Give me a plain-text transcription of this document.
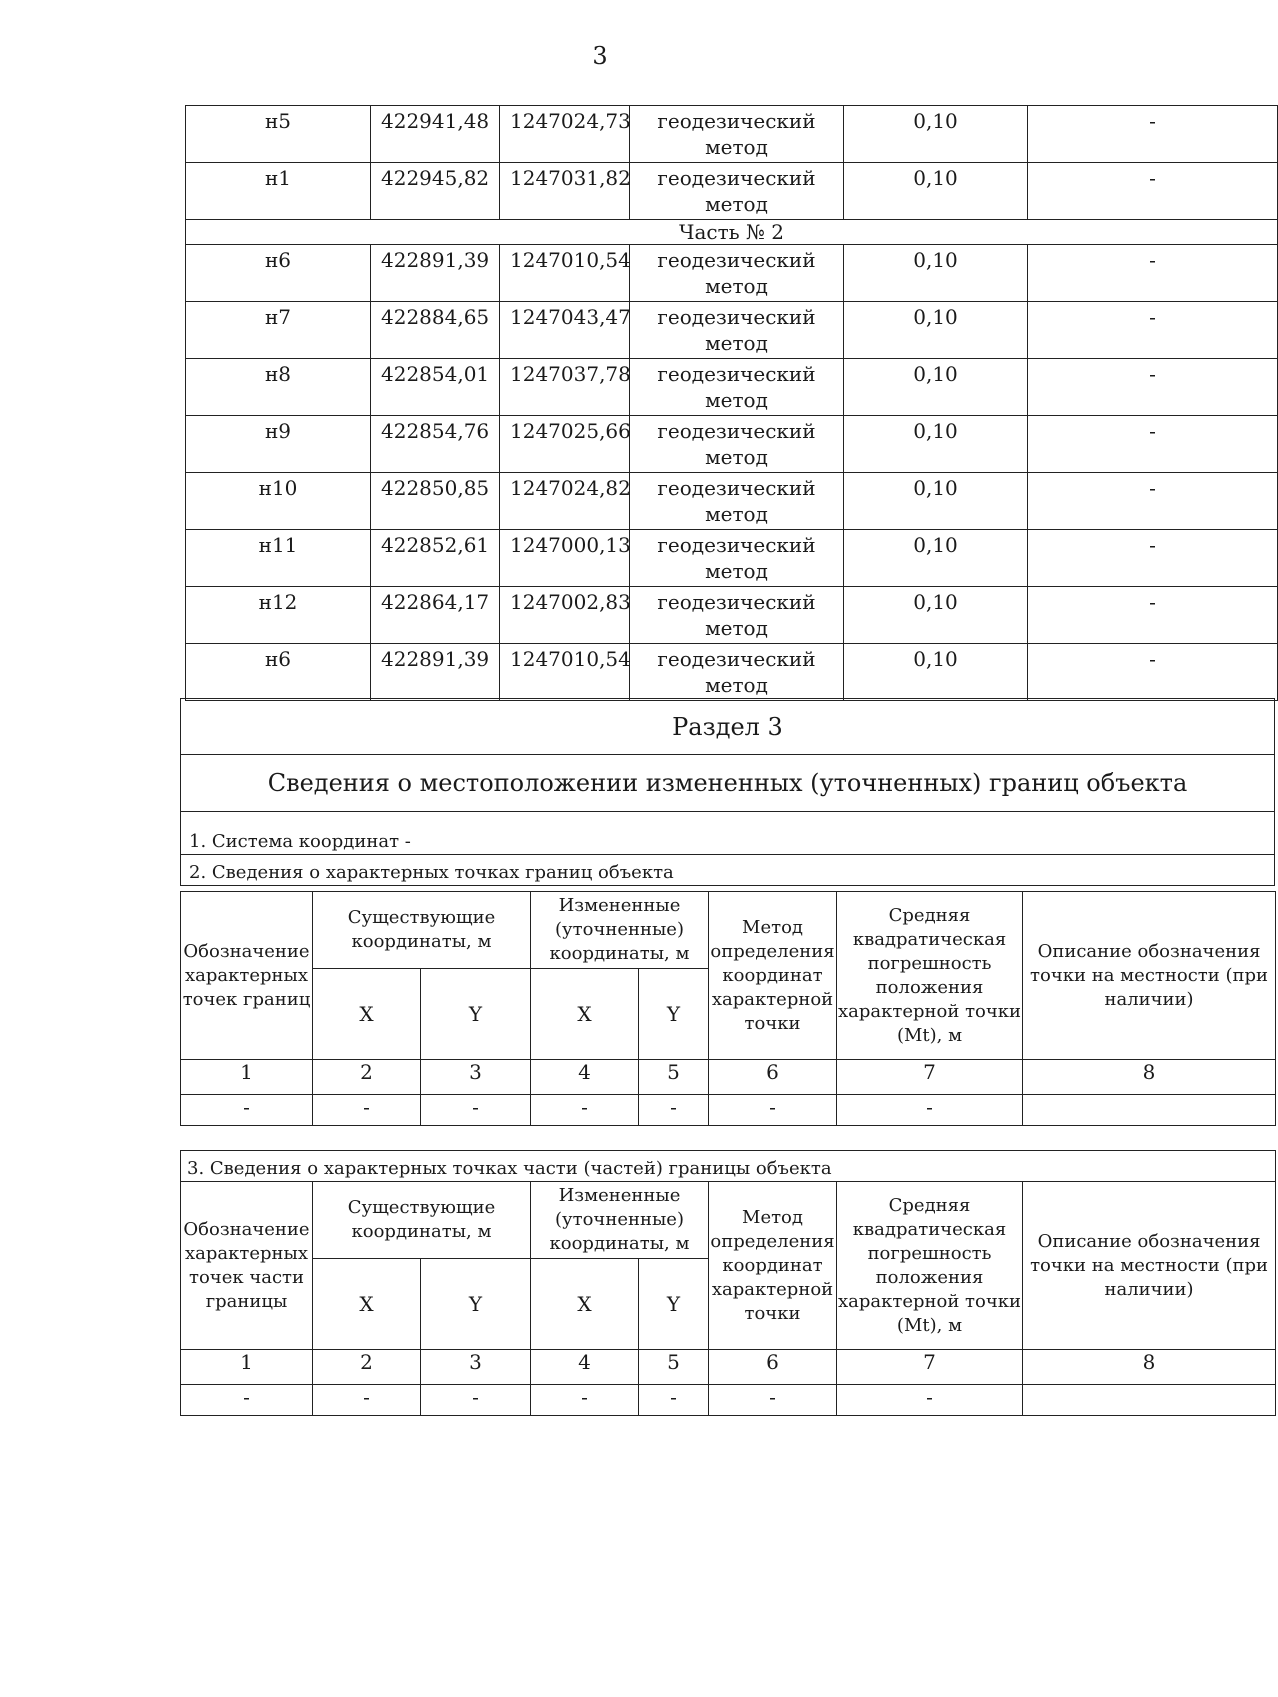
3
н5	422941,48	1247024,73	геодезический метод	0,10	-
н1	422945,82	1247031,82	геодезический метод	0,10	-
Часть № 2					
н6	422891,39	1247010,54	геодезический метод	0,10	-
н7	422884,65	1247043,47	геодезический метод	0,10	-
н8	422854,01	1247037,78	геодезический метод	0,10	-
н9	422854,76	1247025,66	геодезический метод	0,10	-
н10	422850,85	1247024,82	геодезический метод	0,10	-
н11	422852,61	1247000,13	геодезический метод	0,10	-
н12	422864,17	1247002,83	геодезический метод	0,10	-
н6	422891,39	1247010,54	геодезический метод	0,10	-
Раздел 3
Сведения о местоположении измененных (уточненных) границ объекта
1. Система координат -
2. Сведения о характерных точках границ объекта
Обозначение характерных точек границ	Существующие координаты, м		Измененные (уточненные) координаты, м		Метод определения координат характерной точки	Средняя квадратическая погрешность положения характерной точки (Mt), м	Описание обозначения точки на местности (при наличии)
	X	Y	X	Y			
1	2	3	4	5	6	7	8
-	-	-	-	-	-	-	
3. Сведения о характерных точках части (частей) границы объекта							
Обозначение характерных точек части границы	Существующие координаты, м		Измененные (уточненные) координаты, м		Метод определения координат характерной точки	Средняя квадратическая погрешность положения характерной точки (Mt), м	Описание обозначения точки на местности (при наличии)
	X	Y	X	Y			
1	2	3	4	5	6	7	8
-	-	-	-	-	-	-	
